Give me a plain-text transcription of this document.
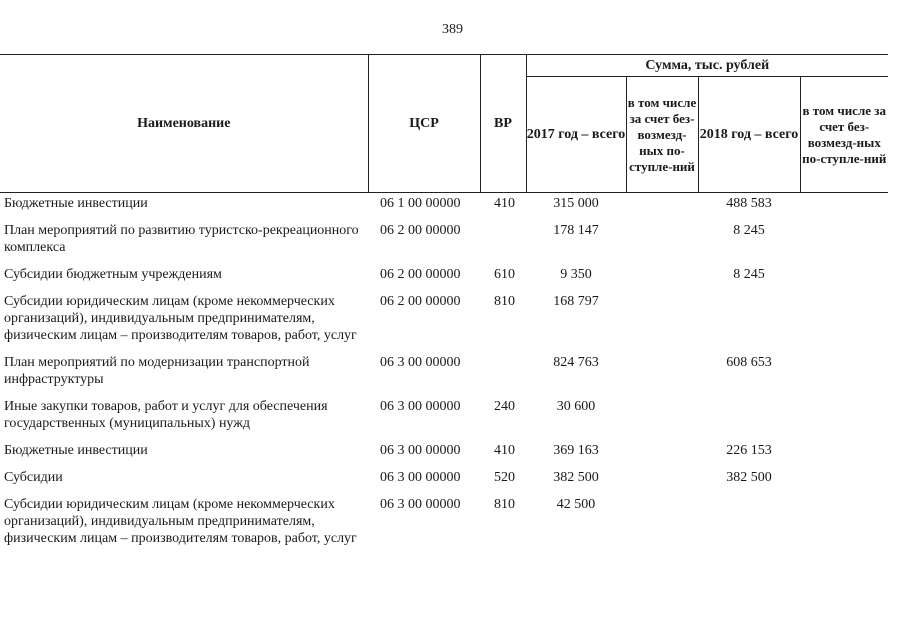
389
Наименование	ЦСР	ВР	Сумма, тыс. рублей			
			2017 год – всего	в том числе за счет без-возмезд-ных по-ступле-ний	2018 год – всего	в том числе за счет без-возмезд-ных по-ступле-ний
Бюджетные инвестиции	06 1 00 00000	410	315 000		488 583	

План мероприятий по развитию туристско-рекреационного комплекса	06 2 00 00000		178 147		8 245	

Субсидии бюджетным учреждениям	06 2 00 00000	610	9 350		8 245	

Субсидии юридическим лицам (кроме некоммерческих организаций), индивидуальным предпринимателям, физическим лицам – производителям товаров, работ, услуг	06 2 00 00000	810	168 797			

План мероприятий по модернизации транспортной инфраструктуры	06 3 00 00000		824 763		608 653	

Иные закупки товаров, работ и услуг для обеспечения государственных (муниципальных) нужд	06 3 00 00000	240	30 600			

Бюджетные инвестиции	06 3 00 00000	410	369 163		226 153	

Субсидии	06 3 00 00000	520	382 500		382 500	

Субсидии юридическим лицам (кроме некоммерческих организаций), индивидуальным предпринимателям, физическим лицам – производителям товаров, работ, услуг	06 3 00 00000	810	42 500			
